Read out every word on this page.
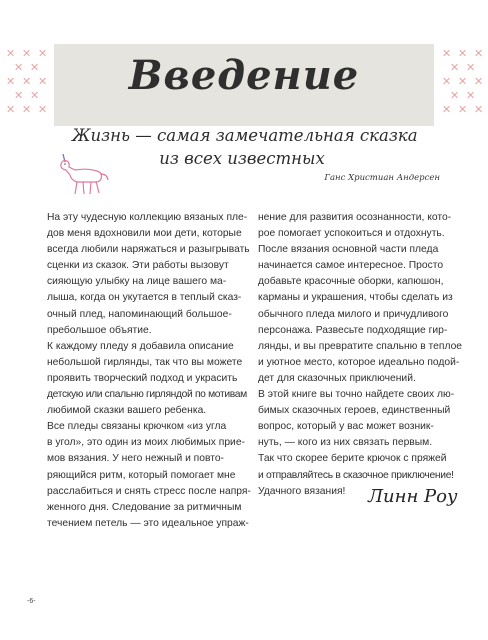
✕ ✕ ✕
✕ ✕
✕ ✕ ✕
✕ ✕
✕ ✕ ✕
✕ ✕ ✕
✕ ✕
✕ ✕ ✕
✕ ✕
✕ ✕ ✕
Введение
Жизнь — самая замечательная сказка
из всех известных
Ганс Христиан Андерсен
На эту чудесную коллекцию вязаных пле-
дов меня вдохновили мои дети, которые
всегда любили наряжаться и разыгрывать
сценки из сказок. Эти работы вызовут
сияющую улыбку на лице вашего ма-
лыша, когда он укутается в теплый сказ-
очный плед, напоминающий большое-
пребольшое объятие.
К каждому пледу я добавила описание
небольшой гирлянды, так что вы можете
проявить творческий подход и украсить
детскую или спальню гирляндой по мотивам
любимой сказки вашего ребенка.
Все пледы связаны крючком «из угла
в угол», это один из моих любимых прие-
мов вязания. У него нежный и повто-
ряющийся ритм, который помогает мне
расслабиться и снять стресс после напря-
женного дня. Следование за ритмичным
течением петель — это идеальное упраж-
нение для развития осознанности, кото-
рое помогает успокоиться и отдохнуть.
После вязания основной части пледа
начинается самое интересное. Просто
добавьте красочные оборки, капюшон,
карманы и украшения, чтобы сделать из
обычного пледа милого и причудливого
персонажа. Развесьте подходящие гир-
лянды, и вы превратите спальню в теплое
и уютное место, которое идеально подой-
дет для сказочных приключений.
В этой книге вы точно найдете своих лю-
бимых сказочных героев, единственный
вопрос, который у вас может возник-
нуть, — кого из них связать первым.
Так что скорее берите крючок с пряжей
и отправляйтесь в сказочное приключение!
Удачного вязания!	Линн Роу
-6-
